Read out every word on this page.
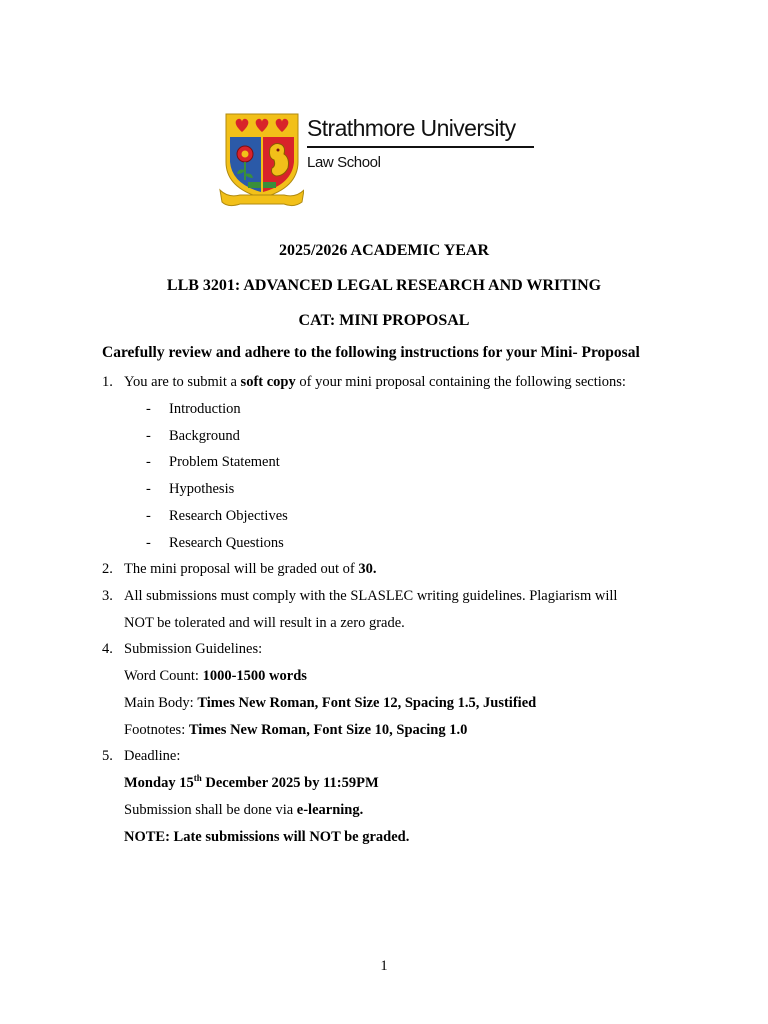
Strathmore University
Law School
2025/2026 ACADEMIC YEAR
LLB 3201: ADVANCED LEGAL RESEARCH AND WRITING
CAT: MINI PROPOSAL
Carefully review and adhere to the following instructions for your Mini- Proposal
1. You are to submit a soft copy of your mini proposal containing the following sections:
- Introduction
- Background
- Problem Statement
- Hypothesis
- Research Objectives
- Research Questions
2. The mini proposal will be graded out of 30.
3. All submissions must comply with the SLASLEC writing guidelines. Plagiarism will
NOT be tolerated and will result in a zero grade.
4. Submission Guidelines:
Word Count: 1000-1500 words
Main Body: Times New Roman, Font Size 12, Spacing 1.5, Justified
Footnotes: Times New Roman, Font Size 10, Spacing 1.0
5. Deadline:
Monday 15th December 2025 by 11:59PM
Submission shall be done via e-learning.
NOTE: Late submissions will NOT be graded.
1
